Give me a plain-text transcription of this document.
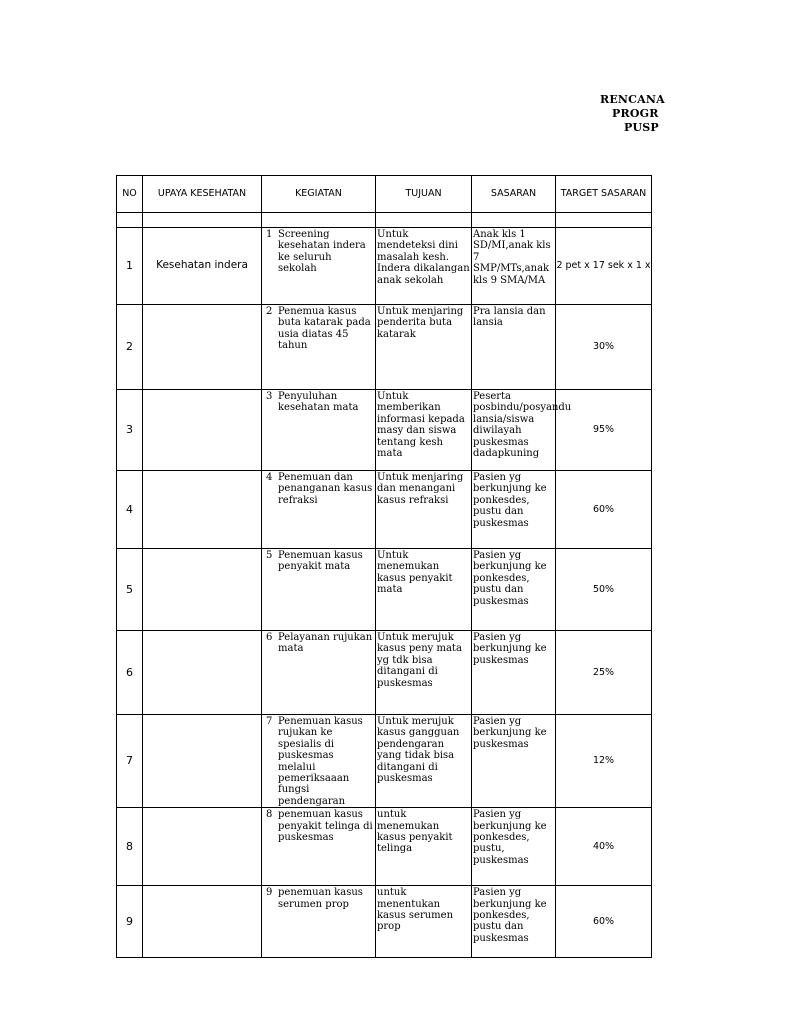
RENCANA
PROGR
PUSP
NO	UPAYA KESEHATAN	KEGIATAN	TUJUAN	SASARAN	TARGET SASARAN

1	Kesehatan indera	1 Screening kesehatan indera ke seluruh sekolah	Untuk mendeteksi dini masalah kesh. Indera dikalangan anak sekolah	Anak kls 1 SD/MI,anak kls 7 SMP/MTs,anak kls 9 SMA/MA	2 pet x 17 sek x 1 x
2		2 Penemua kasus buta katarak pada usia diatas 45 tahun	Untuk menjaring penderita buta katarak	Pra lansia dan lansia	30%
3		3 Penyuluhan kesehatan mata	Untuk memberikan informasi kepada masy dan siswa tentang kesh mata	Peserta posbindu/posyandu lansia/siswa diwilayah puskesmas dadapkuning	95%
4		4 Penemuan dan penanganan kasus refraksi	Untuk menjaring dan menangani kasus refraksi	Pasien yg berkunjung ke ponkesdes, pustu dan puskesmas	60%
5		5 Penemuan kasus penyakit mata	Untuk menemukan kasus penyakit mata	Pasien yg berkunjung ke ponkesdes, pustu dan puskesmas	50%
6		6 Pelayanan rujukan mata	Untuk merujuk kasus peny mata yg tdk bisa ditangani di puskesmas	Pasien yg berkunjung ke puskesmas	25%
7		7 Penemuan kasus rujukan ke spesialis di puskesmas melalui pemeriksaaan fungsi pendengaran	Untuk merujuk kasus gangguan pendengaran yang tidak bisa ditangani di puskesmas	Pasien yg berkunjung ke puskesmas	12%
8		8 penemuan kasus penyakit telinga di puskesmas	untuk menemukan kasus penyakit telinga	Pasien yg berkunjung ke ponkesdes, pustu, puskesmas	40%
9		9 penemuan kasus serumen prop	untuk menentukan kasus serumen prop	Pasien yg berkunjung ke ponkesdes, pustu dan puskesmas	60%
